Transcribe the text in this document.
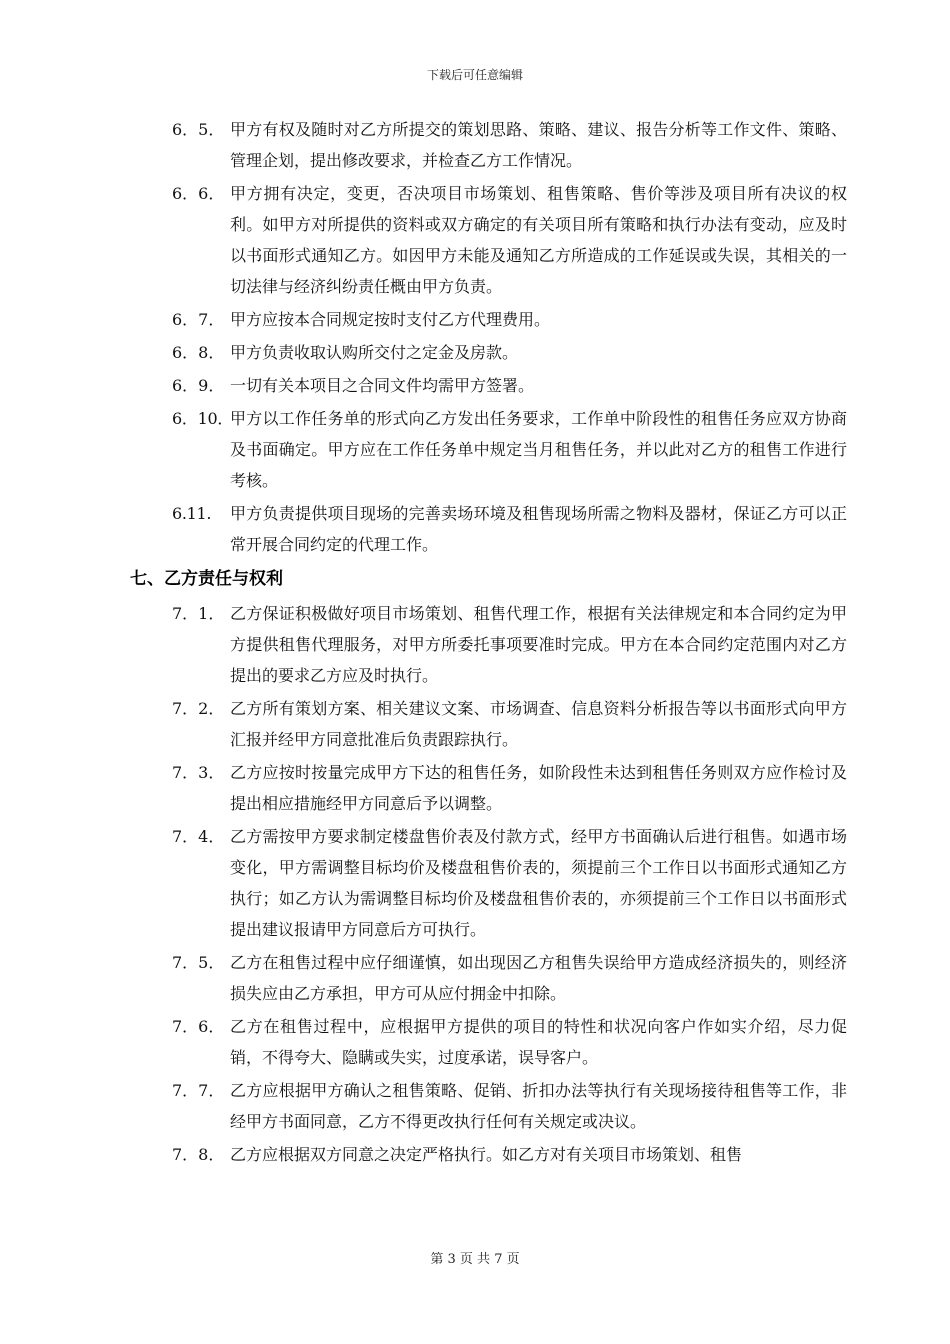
下载后可任意编辑
6．5． 甲方有权及随时对乙方所提交的策划思路、策略、建议、报告分析等工作文件、策略、管理企划，提出修改要求，并检查乙方工作情况。
6．6． 甲方拥有决定，变更，否决项目市场策划、租售策略、售价等涉及项目所有决议的权利。如甲方对所提供的资料或双方确定的有关项目所有策略和执行办法有变动，应及时以书面形式通知乙方。如因甲方未能及通知乙方所造成的工作延误或失误，其相关的一切法律与经济纠纷责任概由甲方负责。
6．7． 甲方应按本合同规定按时支付乙方代理费用。
6．8． 甲方负责收取认购所交付之定金及房款。
6．9． 一切有关本项目之合同文件均需甲方签署。
6．10．
甲方以工作任务单的形式向乙方发出任务要求，工作单中阶段性的租售任务应双方协商及书面确定。甲方应在工作任务单中规定当月租售任务，并以此对乙方的租售工作进行考核。
6.11.	甲方负责提供项目现场的完善卖场环境及租售现场所需之物料及器材，保证乙方可以正常开展合同约定的代理工作。
七、乙方责任与权利
7．1． 乙方保证积极做好项目市场策划、租售代理工作，根据有关法律规定和本合同约定为甲方提供租售代理服务，对甲方所委托事项要准时完成。甲方在本合同约定范围内对乙方提出的要求乙方应及时执行。
7．2． 乙方所有策划方案、相关建议文案、市场调查、信息资料分析报告等以书面形式向甲方汇报并经甲方同意批准后负责跟踪执行。
7．3． 乙方应按时按量完成甲方下达的租售任务，如阶段性未达到租售任务则双方应作检讨及提出相应措施经甲方同意后予以调整。
7．4． 乙方需按甲方要求制定楼盘售价表及付款方式，经甲方书面确认后进行租售。如遇市场变化，甲方需调整目标均价及楼盘租售价表的，须提前三个工作日以书面形式通知乙方执行；如乙方认为需调整目标均价及楼盘租售价表的，亦须提前三个工作日以书面形式提出建议报请甲方同意后方可执行。
7．5． 乙方在租售过程中应仔细谨慎，如出现因乙方租售失误给甲方造成经济损失的，则经济损失应由乙方承担，甲方可从应付拥金中扣除。
7．6． 乙方在租售过程中，应根据甲方提供的项目的特性和状况向客户作如实介绍，尽力促销，不得夸大、隐瞒或失实，过度承诺，误导客户。
7．7． 乙方应根据甲方确认之租售策略、促销、折扣办法等执行有关现场接待租售等工作，非经甲方书面同意，乙方不得更改执行任何有关规定或决议。
7．8． 乙方应根据双方同意之决定严格执行。如乙方对有关项目市场策划、租售
第 3 页 共 7 页
